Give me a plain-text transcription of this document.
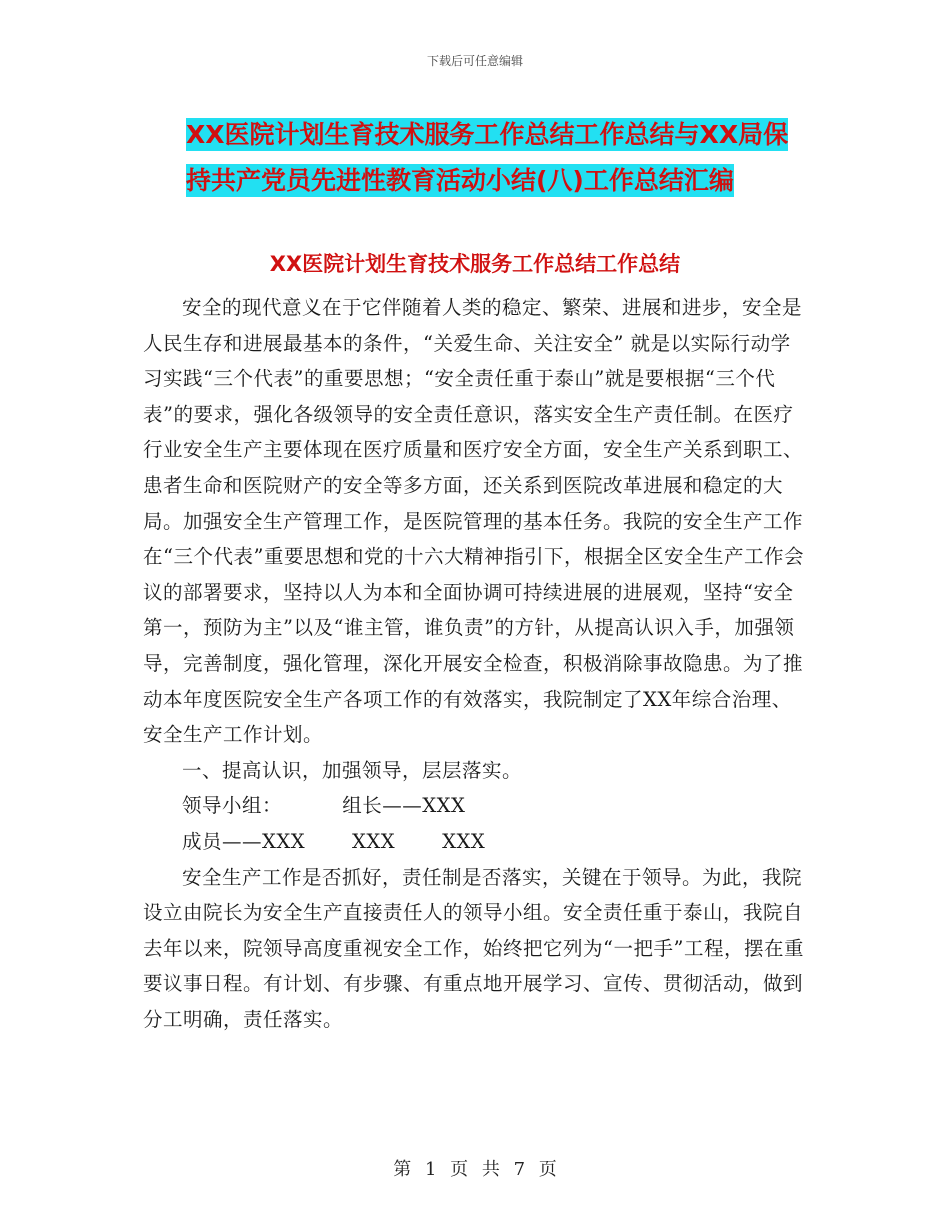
下载后可任意编辑
XX医院计划生育技术服务工作总结工作总结与XX局保
持共产党员先进性教育活动小结(八)工作总结汇编
XX医院计划生育技术服务工作总结工作总结

安全的现代意义在于它伴随着人类的稳定、繁荣、进展和进步，安全是人民生存和进展最基本的条件，“关爱生命、关注安全” 就是以实际行动学习实践“三个代表”的重要思想；“安全责任重于泰山”就是要根据“三个代表”的要求，强化各级领导的安全责任意识，落实安全生产责任制。在医疗行业安全生产主要体现在医疗质量和医疗安全方面，安全生产关系到职工、患者生命和医院财产的安全等多方面，还关系到医院改革进展和稳定的大局。加强安全生产管理工作，是医院管理的基本任务。我院的安全生产工作在“三个代表”重要思想和党的十六大精神指引下，根据全区安全生产工作会议的部署要求，坚持以人为本和全面协调可持续进展的进展观，坚持“安全第一，预防为主”以及“谁主管，谁负责”的方针，从提高认识入手，加强领导，完善制度，强化管理，深化开展安全检查，积极消除事故隐患。为了推动本年度医院安全生产各项工作的有效落实，我院制定了XX年综合治理、安全生产工作计划。

一、提高认识，加强领导，层层落实。

领导小组：         组长——XXX

成员——XXX       XXX       XXX

安全生产工作是否抓好，责任制是否落实，关键在于领导。为此，我院设立由院长为安全生产直接责任人的领导小组。安全责任重于泰山，我院自去年以来，院领导高度重视安全工作，始终把它列为“一把手”工程，摆在重要议事日程。有计划、有步骤、有重点地开展学习、宣传、贯彻活动，做到分工明确，责任落实。

第 1 页 共 7 页
